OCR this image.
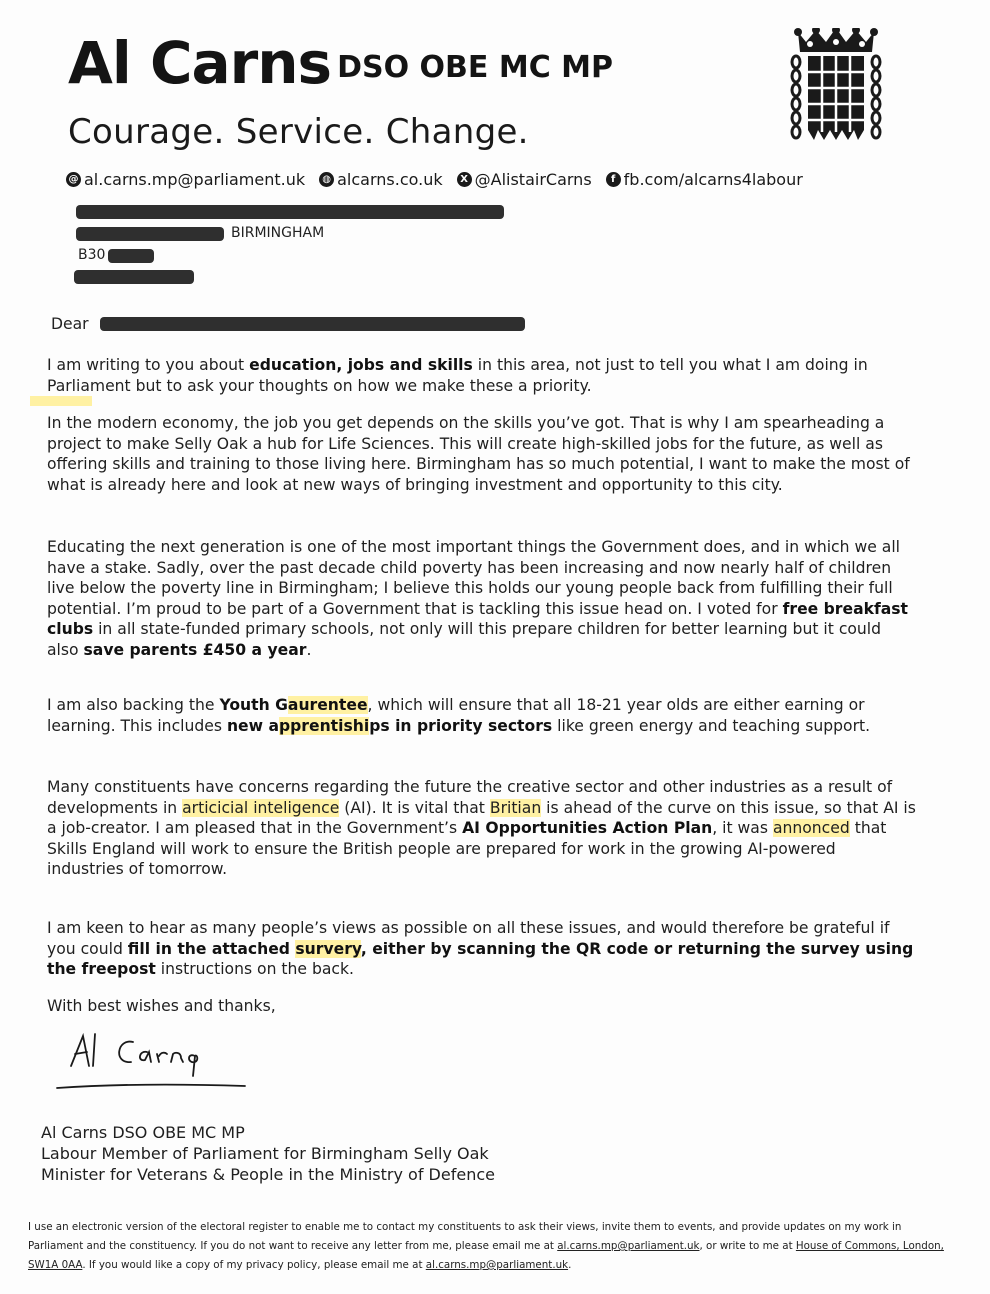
Al Carns DSO OBE MC MP
Courage. Service. Change.
@ al.carns.mp@parliament.uk	◍ alcarns.co.uk	X @AlistairCarns	f fb.com/alcarns4labour
BIRMINGHAM
B30
Dear

I am writing to you about education, jobs and skills in this area, not just to tell you what I am doing in Parliament but to ask your thoughts on how we make these a priority.

In the modern economy, the job you get depends on the skills you’ve got. That is why I am spearheading a project to make Selly Oak a hub for Life Sciences. This will create high-skilled jobs for the future, as well as offering skills and training to those living here. Birmingham has so much potential, I want to make the most of what is already here and look at new ways of bringing investment and opportunity to this city.

Educating the next generation is one of the most important things the Government does, and in which we all have a stake. Sadly, over the past decade child poverty has been increasing and now nearly half of children live below the poverty line in Birmingham; I believe this holds our young people back from fulfilling their full potential. I’m proud to be part of a Government that is tackling this issue head on. I voted for free breakfast clubs in all state-funded primary schools, not only will this prepare children for better learning but it could also save parents £450 a year.

I am also backing the Youth Gaurentee, which will ensure that all 18-21 year olds are either earning or learning. This includes new apprentiships in priority sectors like green energy and teaching support.

Many constituents have concerns regarding the future the creative sector and other industries as a result of developments in articicial inteligence (AI). It is vital that Britian is ahead of the curve on this issue, so that AI is a job-creator. I am pleased that in the Government’s AI Opportunities Action Plan, it was annonced that Skills England will work to ensure the British people are prepared for work in the growing AI-powered industries of tomorrow.

I am keen to hear as many people’s views as possible on all these issues, and would therefore be grateful if you could fill in the attached survery, either by scanning the QR code or returning the survey using the freepost instructions on the back.

With best wishes and thanks,

Al Carns DSO OBE MC MP
Labour Member of Parliament for Birmingham Selly Oak
Minister for Veterans & People in the Ministry of Defence
I use an electronic version of the electoral register to enable me to contact my constituents to ask their views, invite them to events, and provide updates on my work in Parliament and the constituency. If you do not want to receive any letter from me, please email me at al.carns.mp@parliament.uk, or write to me at House of Commons, London, SW1A 0AA. If you would like a copy of my privacy policy, please email me at al.carns.mp@parliament.uk.
